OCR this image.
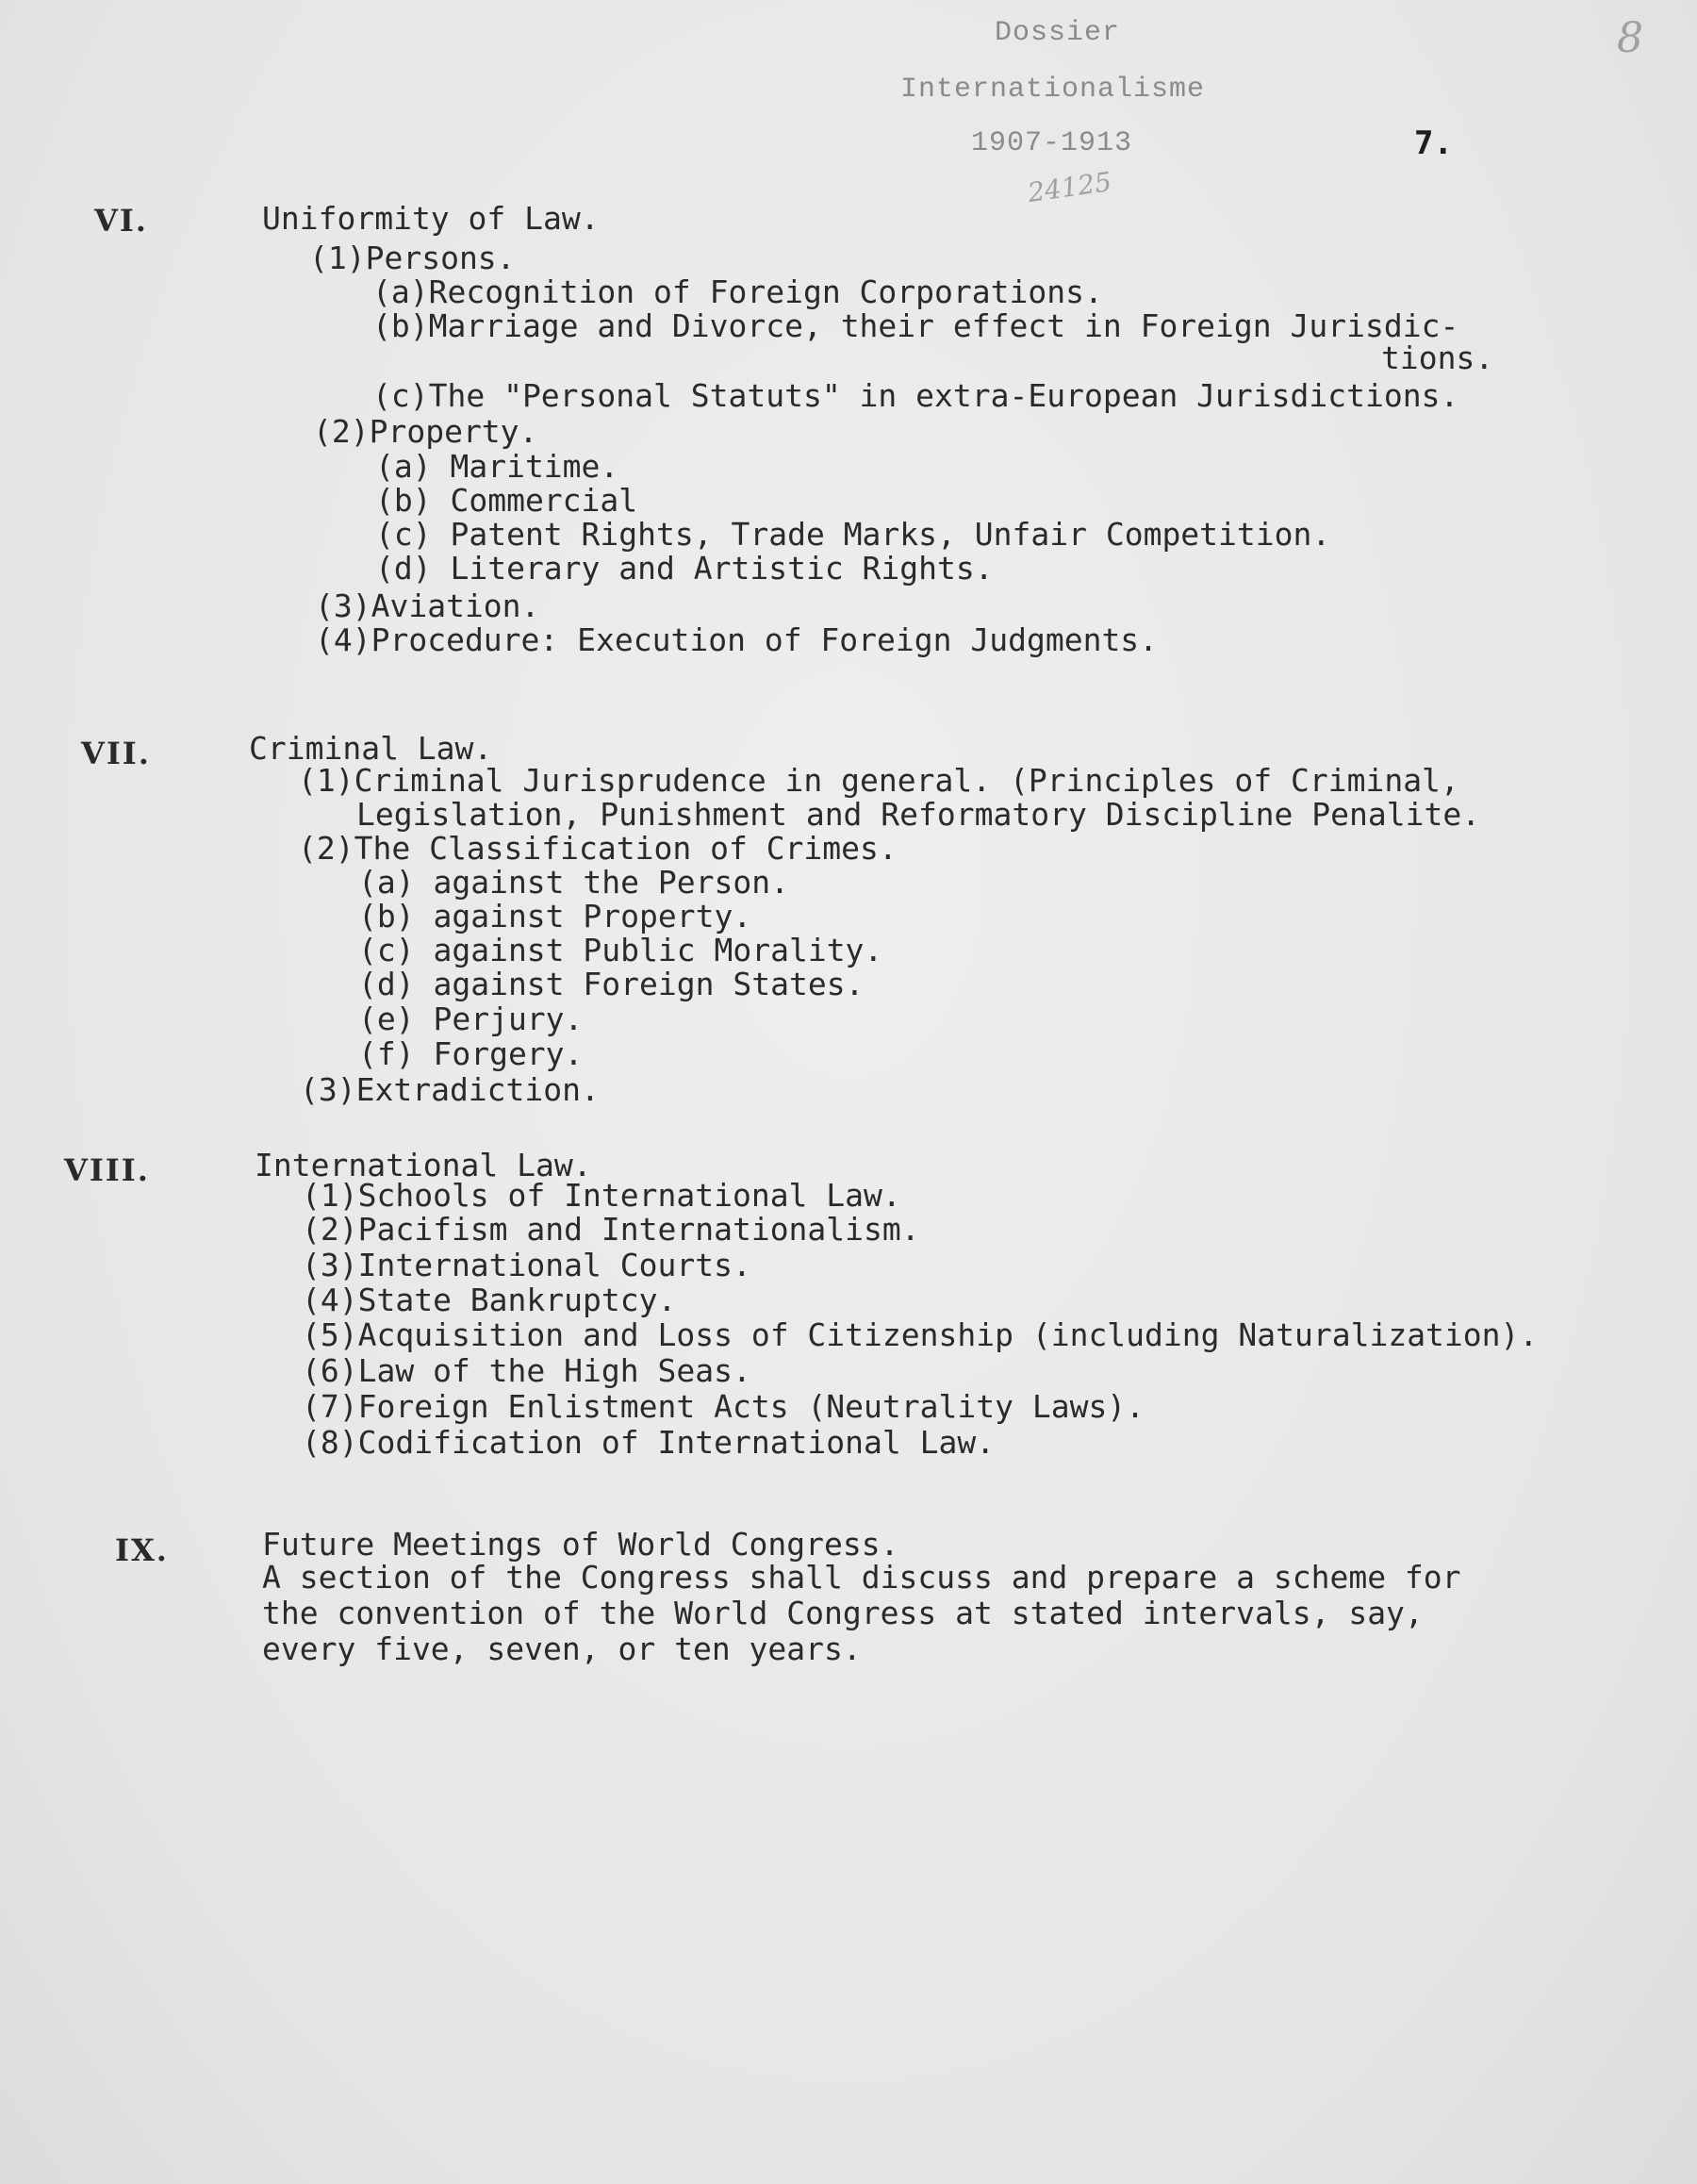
Dossier
Internationalisme
1907-1913
24125
8
7.
VI.	Uniformity of Law.
(1)Persons.
(a)Recognition of Foreign Corporations.
(b)Marriage and Divorce, their effect in Foreign Jurisdic-
tions.
(c)The "Personal Statuts" in extra-European Jurisdictions.
(2)Property.
(a) Maritime.
(b) Commercial
(c) Patent Rights, Trade Marks, Unfair Competition.
(d) Literary and Artistic Rights.
(3)Aviation.
(4)Procedure: Execution of Foreign Judgments.
VII.	Criminal Law.
(1)Criminal Jurisprudence in general. (Principles of Criminal,
Legislation, Punishment and Reformatory Discipline Penalite.
(2)The Classification of Crimes.
(a) against the Person.
(b) against Property.
(c) against Public Morality.
(d) against Foreign States.
(e) Perjury.
(f) Forgery.
(3)Extradiction.
VIII.	International Law.
(1)Schools of International Law.
(2)Pacifism and Internationalism.
(3)International Courts.
(4)State Bankruptcy.
(5)Acquisition and Loss of Citizenship (including Naturalization).
(6)Law of the High Seas.
(7)Foreign Enlistment Acts (Neutrality Laws).
(8)Codification of International Law.
IX.	Future Meetings of World Congress.
A section of the Congress shall discuss and prepare a scheme for
the convention of the World Congress at stated intervals, say,
every five, seven, or ten years.
